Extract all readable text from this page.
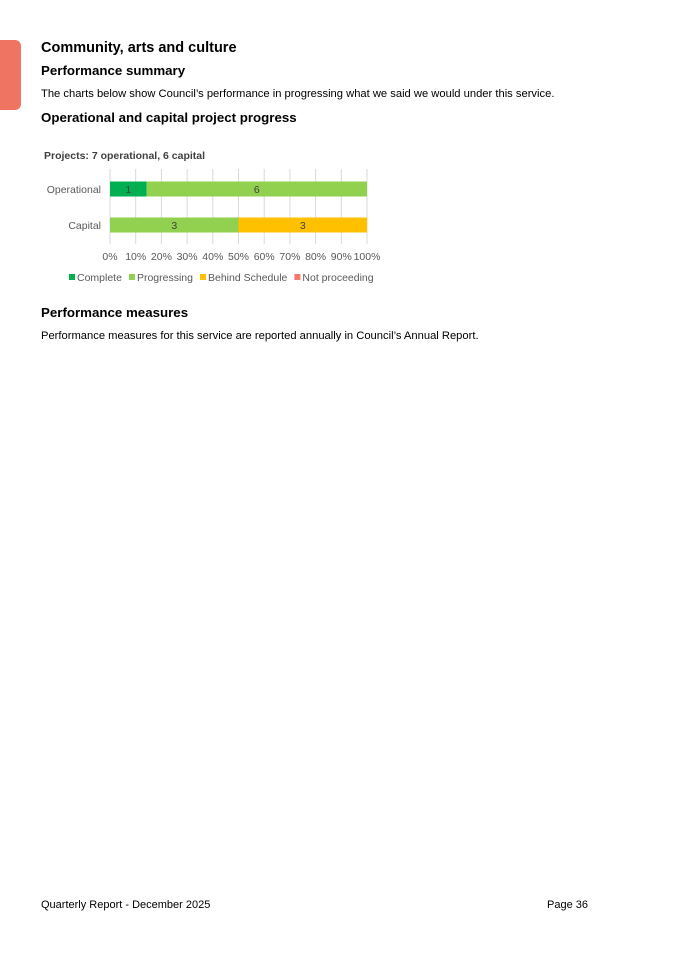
Community, arts and culture
Performance summary
The charts below show Council’s performance in progressing what we said we would under this service.
Operational and capital project progress
Projects: 7 operational, 6 capital
0% 10% 20% 30% 40% 50% 60% 70% 80% 90% 100%
Operational 1	6
Capital	3	3
Complete Progressing Behind Schedule Not proceeding
Performance measures
Performance measures for this service are reported annually in Council’s Annual Report.
Quarterly Report - December 2025	Page 36
